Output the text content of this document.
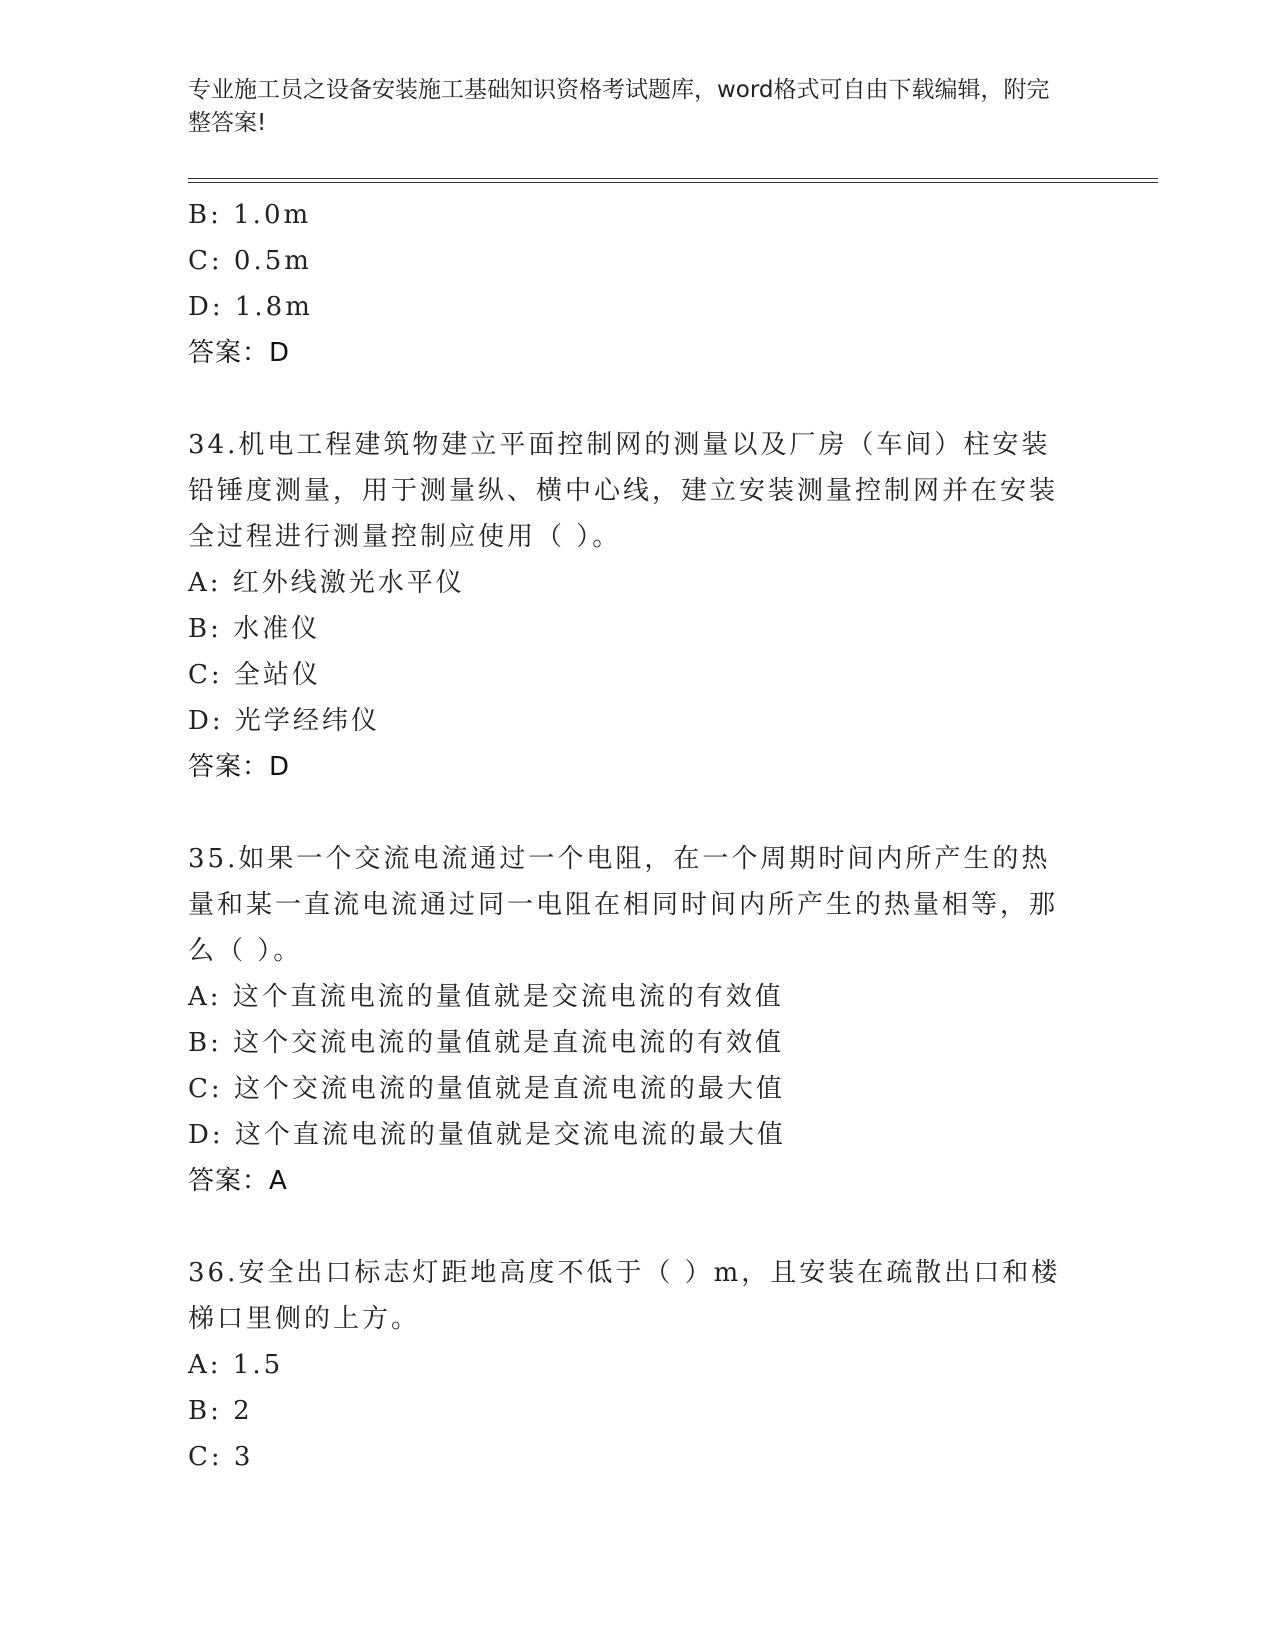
专业施工员之设备安装施工基础知识资格考试题库，word格式可自由下载编辑，附完整答案!
B: 1.0m
C: 0.5m
D: 1.8m
答案：D
34.机电工程建筑物建立平面控制网的测量以及厂房（车间）柱安装铅锤度测量，用于测量纵、横中心线，建立安装测量控制网并在安装全过程进行测量控制应使用（ ）。
A: 红外线激光水平仪
B: 水准仪
C: 全站仪
D: 光学经纬仪
答案：D
35.如果一个交流电流通过一个电阻，在一个周期时间内所产生的热量和某一直流电流通过同一电阻在相同时间内所产生的热量相等，那么（ ）。
A: 这个直流电流的量值就是交流电流的有效值
B: 这个交流电流的量值就是直流电流的有效值
C: 这个交流电流的量值就是直流电流的最大值
D: 这个直流电流的量值就是交流电流的最大值
答案：A
36.安全出口标志灯距地高度不低于（ ）m，且安装在疏散出口和楼梯口里侧的上方。
A: 1.5
B: 2
C: 3
